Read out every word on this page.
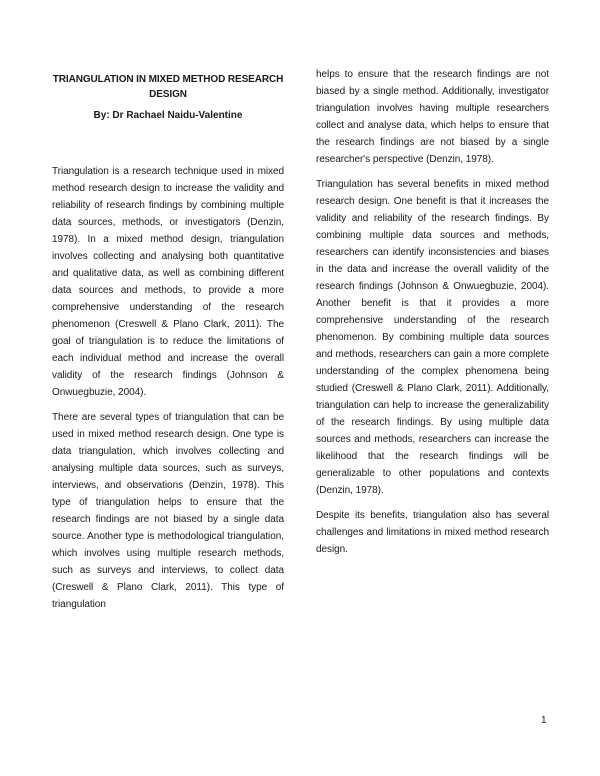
TRIANGULATION IN MIXED METHOD RESEARCH DESIGN
By: Dr Rachael Naidu-Valentine

Triangulation is a research technique used in mixed method research design to increase the validity and reliability of research findings by combining multiple data sources, methods, or investigators (Denzin, 1978). In a mixed method design, triangulation involves collecting and analysing both quantitative and qualitative data, as well as combining different data sources and methods, to provide a more comprehensive understanding of the research phenomenon (Creswell & Plano Clark, 2011). The goal of triangulation is to reduce the limitations of each individual method and increase the overall validity of the research findings (Johnson & Onwuegbuzie, 2004).

There are several types of triangulation that can be used in mixed method research design. One type is data triangulation, which involves collecting and analysing multiple data sources, such as surveys, interviews, and observations (Denzin, 1978). This type of triangulation helps to ensure that the research findings are not biased by a single data source. Another type is methodological triangulation, which involves using multiple research methods, such as surveys and interviews, to collect data (Creswell & Plano Clark, 2011). This type of triangulation

helps to ensure that the research findings are not biased by a single method. Additionally, investigator triangulation involves having multiple researchers collect and analyse data, which helps to ensure that the research findings are not biased by a single researcher's perspective (Denzin, 1978).

Triangulation has several benefits in mixed method research design. One benefit is that it increases the validity and reliability of the research findings. By combining multiple data sources and methods, researchers can identify inconsistencies and biases in the data and increase the overall validity of the research findings (Johnson & Onwuegbuzie, 2004). Another benefit is that it provides a more comprehensive understanding of the research phenomenon. By combining multiple data sources and methods, researchers can gain a more complete understanding of the complex phenomena being studied (Creswell & Plano Clark, 2011). Additionally, triangulation can help to increase the generalizability of the research findings. By using multiple data sources and methods, researchers can increase the likelihood that the research findings will be generalizable to other populations and contexts (Denzin, 1978).

Despite its benefits, triangulation also has several challenges and limitations in mixed method research design.

1
